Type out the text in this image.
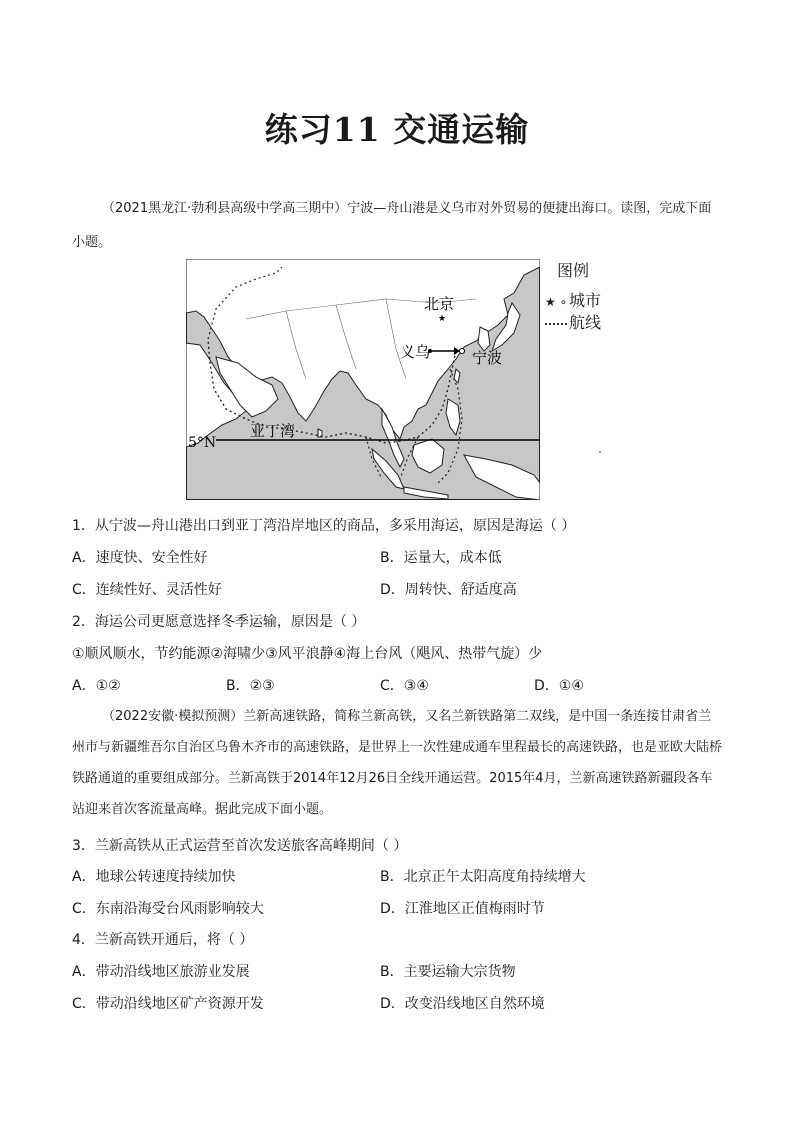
练习11 交通运输

（2021黑龙江·勃利县高级中学高三期中）宁波—舟山港是义乌市对外贸易的便捷出海口。读图，完成下面小题。

★
北京
义乌	宁波
亚丁湾
5°N
图例
★ ∘ 城市
航线
1．从宁波—舟山港出口到亚丁湾沿岸地区的商品，多采用海运，原因是海运（ ）
A．速度快、安全性好	B．运量大，成本低
C．连续性好、灵活性好	D．周转快、舒适度高
2．海运公司更愿意选择冬季运输，原因是（ ）
①顺风顺水，节约能源②海啸少③风平浪静④海上台风（飓风、热带气旋）少
A．①②	B．②③	C．③④	D．①④

（2022安徽·模拟预测）兰新高速铁路，简称兰新高铁，又名兰新铁路第二双线，是中国一条连接甘肃省兰州市与新疆维吾尔自治区乌鲁木齐市的高速铁路，是世界上一次性建成通车里程最长的高速铁路，也是亚欧大陆桥铁路通道的重要组成部分。兰新高铁于2014年12月26日全线开通运营。2015年4月，兰新高速铁路新疆段各车站迎来首次客流量高峰。据此完成下面小题。

3．兰新高铁从正式运营至首次发送旅客高峰期间（ ）
A．地球公转速度持续加快	B．北京正午太阳高度角持续增大
C．东南沿海受台风雨影响较大	D．江淮地区正值梅雨时节
4．兰新高铁开通后，将（ ）
A．带动沿线地区旅游业发展	B．主要运输大宗货物
C．带动沿线地区矿产资源开发	D．改变沿线地区自然环境
